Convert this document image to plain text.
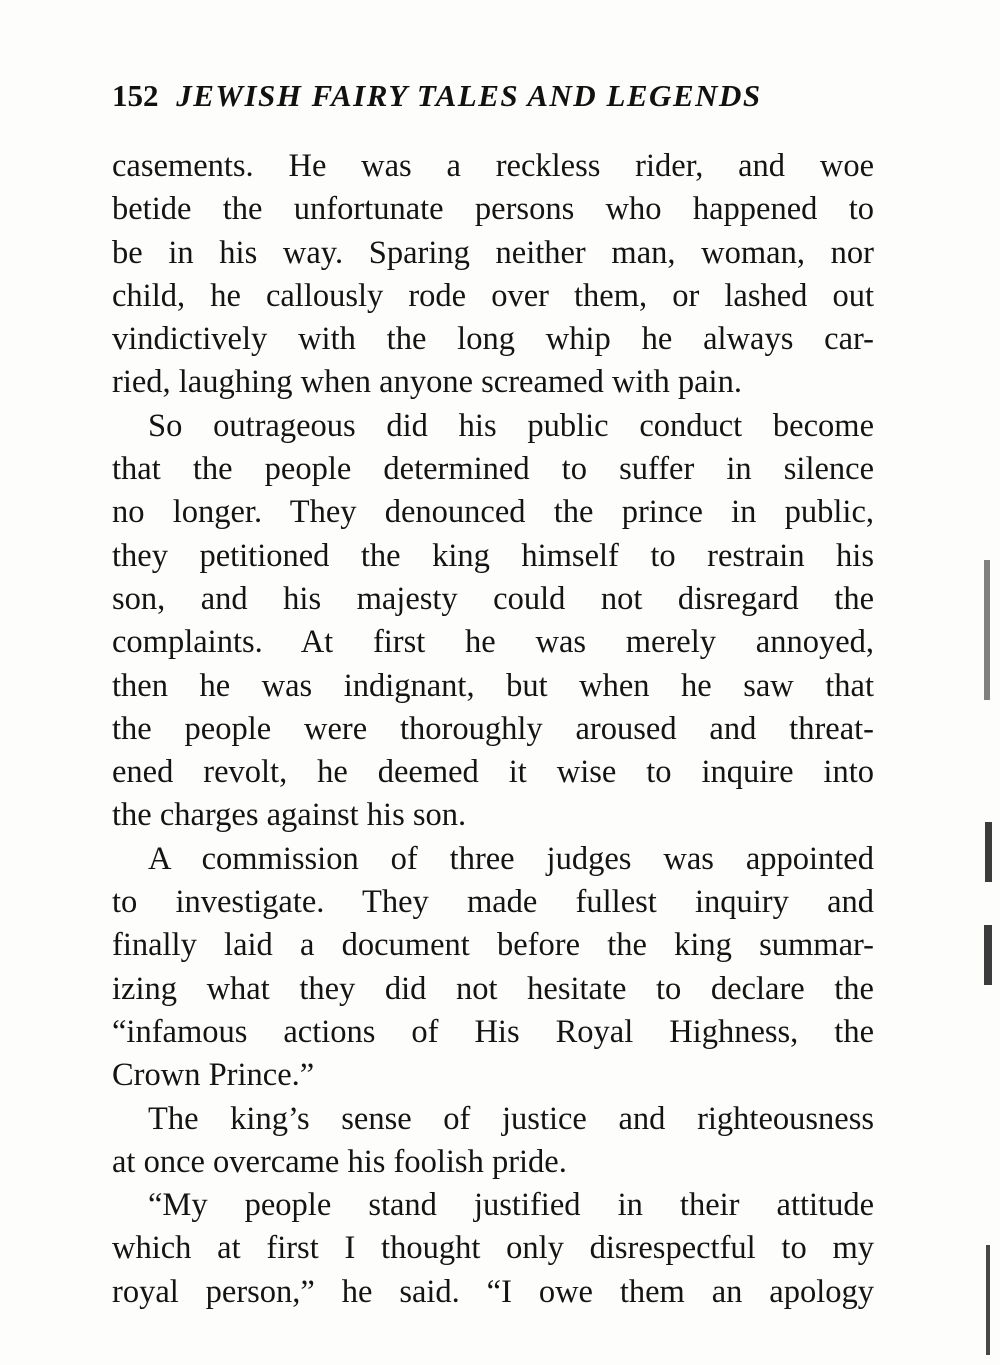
152 JEWISH FAIRY TALES AND LEGENDS
casements. He was a reckless rider, and woe
betide the unfortunate persons who happened to
be in his way. Sparing neither man, woman, nor
child, he callously rode over them, or lashed out
vindictively with the long whip he always car-
ried, laughing when anyone screamed with pain.
So outrageous did his public conduct become
that the people determined to suffer in silence
no longer. They denounced the prince in public,
they petitioned the king himself to restrain his
son, and his majesty could not disregard the
complaints. At first he was merely annoyed,
then he was indignant, but when he saw that
the people were thoroughly aroused and threat-
ened revolt, he deemed it wise to inquire into
the charges against his son.
A commission of three judges was appointed
to investigate. They made fullest inquiry and
finally laid a document before the king summar-
izing what they did not hesitate to declare the
“infamous actions of His Royal Highness, the
Crown Prince.”
The king’s sense of justice and righteousness
at once overcame his foolish pride.
“My people stand justified in their attitude
which at first I thought only disrespectful to my
royal person,” he said. “I owe them an apology
